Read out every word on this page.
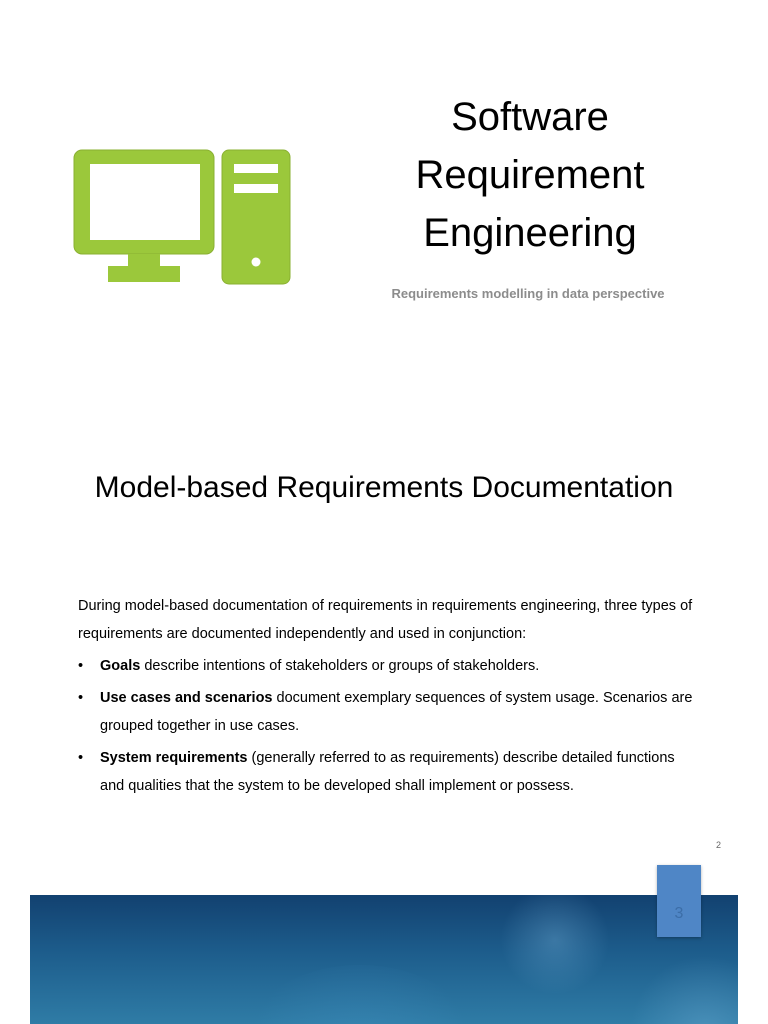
Software
Requirement
Engineering
Requirements modelling in data perspective
Model-based Requirements Documentation

During model-based documentation of requirements in requirements engineering, three types of requirements are documented independently and used in conjunction:

• Goals describe intentions of stakeholders or groups of stakeholders.
• Use cases and scenarios document exemplary sequences of system usage. Scenarios are grouped together in use cases.
• System requirements (generally referred to as requirements) describe detailed functions and qualities that the system to be developed shall implement or possess.
2
3
